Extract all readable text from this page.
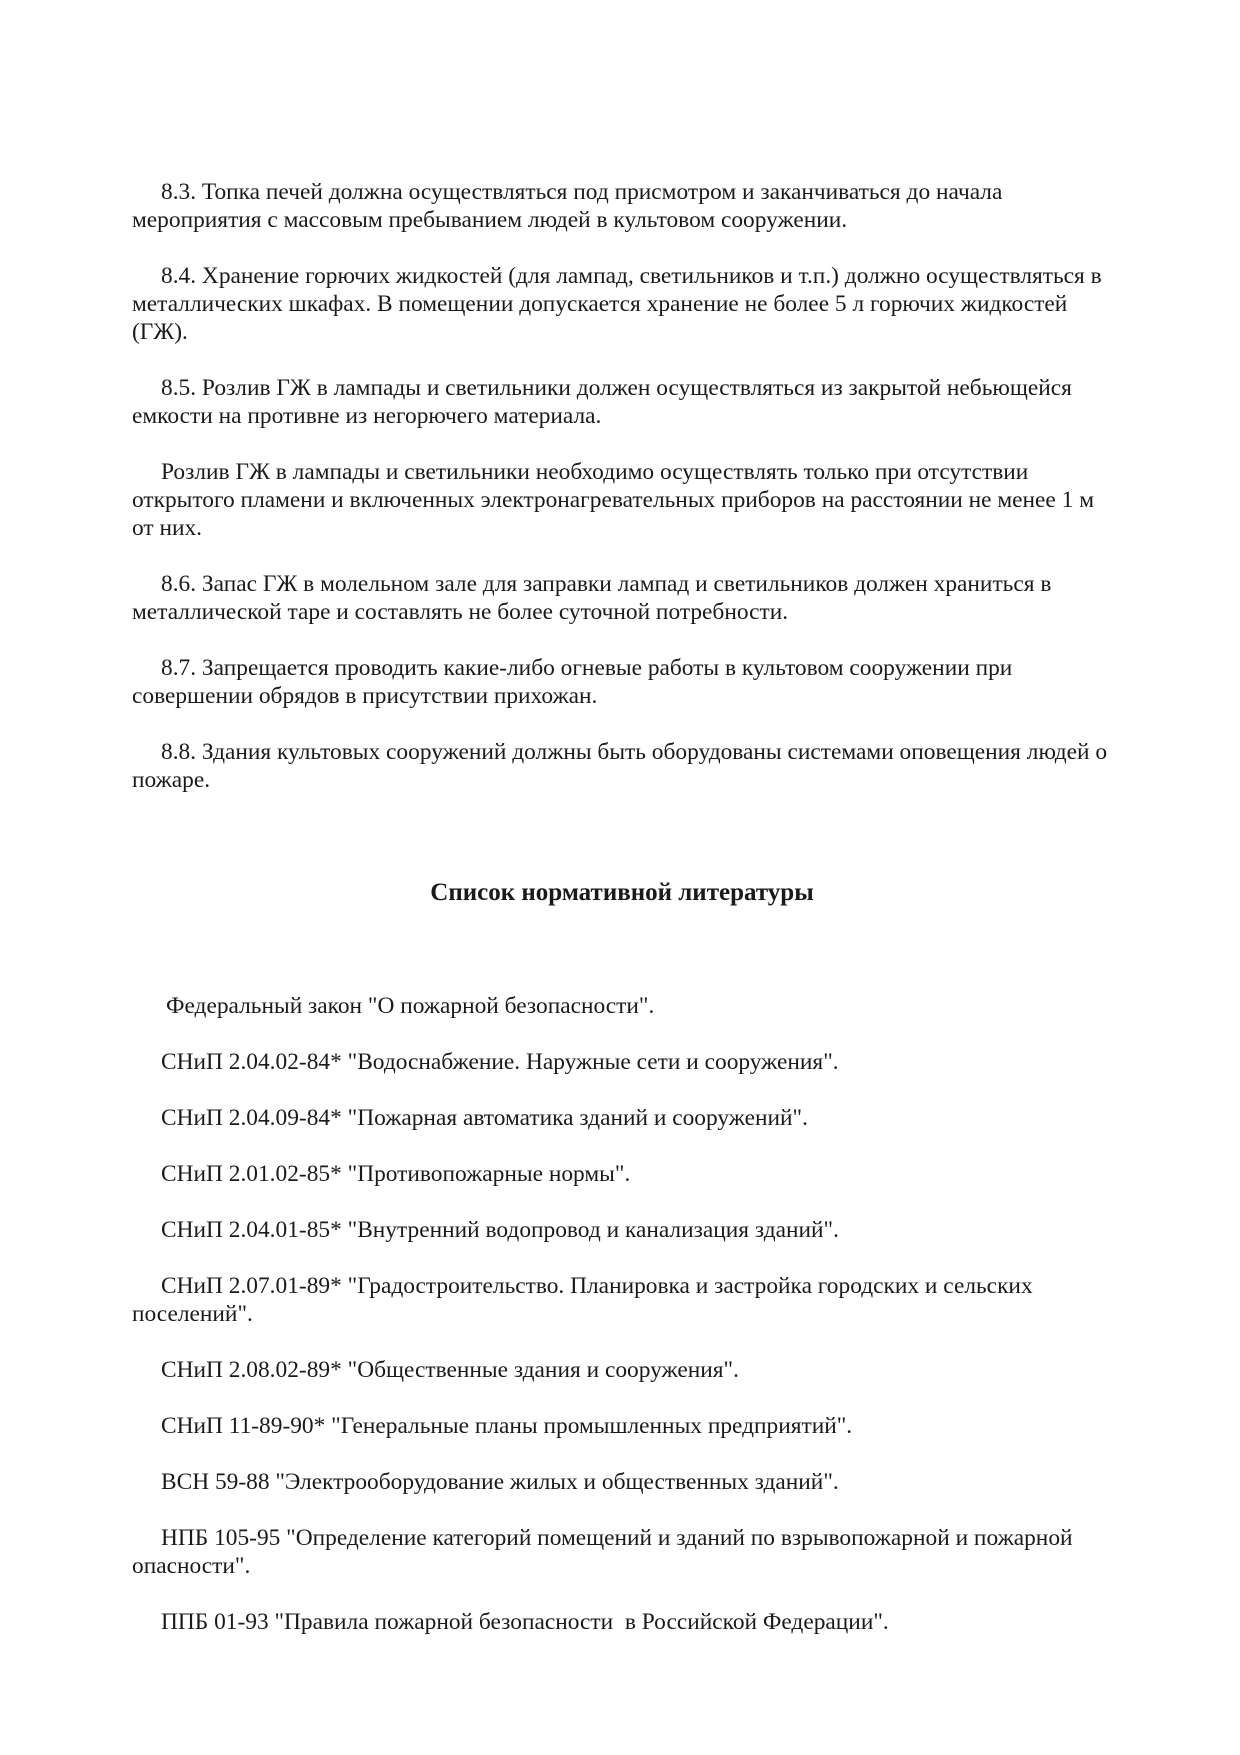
8.3. Топка печей должна осуществляться под присмотром и заканчиваться до начала мероприятия с массовым пребыванием людей в культовом сооружении.

8.4. Хранение горючих жидкостей (для лампад, светильников и т.п.) должно осуществляться в металлических шкафах. В помещении допускается хранение не более 5 л горючих жидкостей (ГЖ).

8.5. Розлив ГЖ в лампады и светильники должен осуществляться из закрытой небьющейся емкости на противне из негорючего материала.

Розлив ГЖ в лампады и светильники необходимо осуществлять только при отсутствии открытого пламени и включенных электронагревательных приборов на расстоянии не менее 1 м от них.

8.6. Запас ГЖ в молельном зале для заправки лампад и светильников должен храниться в металлической таре и составлять не более суточной потребности.

8.7. Запрещается проводить какие-либо огневые работы в культовом сооружении при совершении обрядов в присутствии прихожан.

8.8. Здания культовых сооружений должны быть оборудованы системами оповещения людей о пожаре.

Список нормативной литературы

Федеральный закон "О пожарной безопасности".

СНиП 2.04.02-84* "Водоснабжение. Наружные сети и сооружения".

СНиП 2.04.09-84* "Пожарная автоматика зданий и сооружений".

СНиП 2.01.02-85* "Противопожарные нормы".

СНиП 2.04.01-85* "Внутренний водопровод и канализация зданий".

СНиП 2.07.01-89* "Градостроительство. Планировка и застройка городских и сельских поселений".

СНиП 2.08.02-89* "Общественные здания и сооружения".

СНиП 11-89-90* "Генеральные планы промышленных предприятий".

ВСН 59-88 "Электрооборудование жилых и общественных зданий".

НПБ 105-95 "Определение категорий помещений и зданий по взрывопожарной и пожарной опасности".

ППБ 01-93 "Правила пожарной безопасности  в Российской Федерации".
